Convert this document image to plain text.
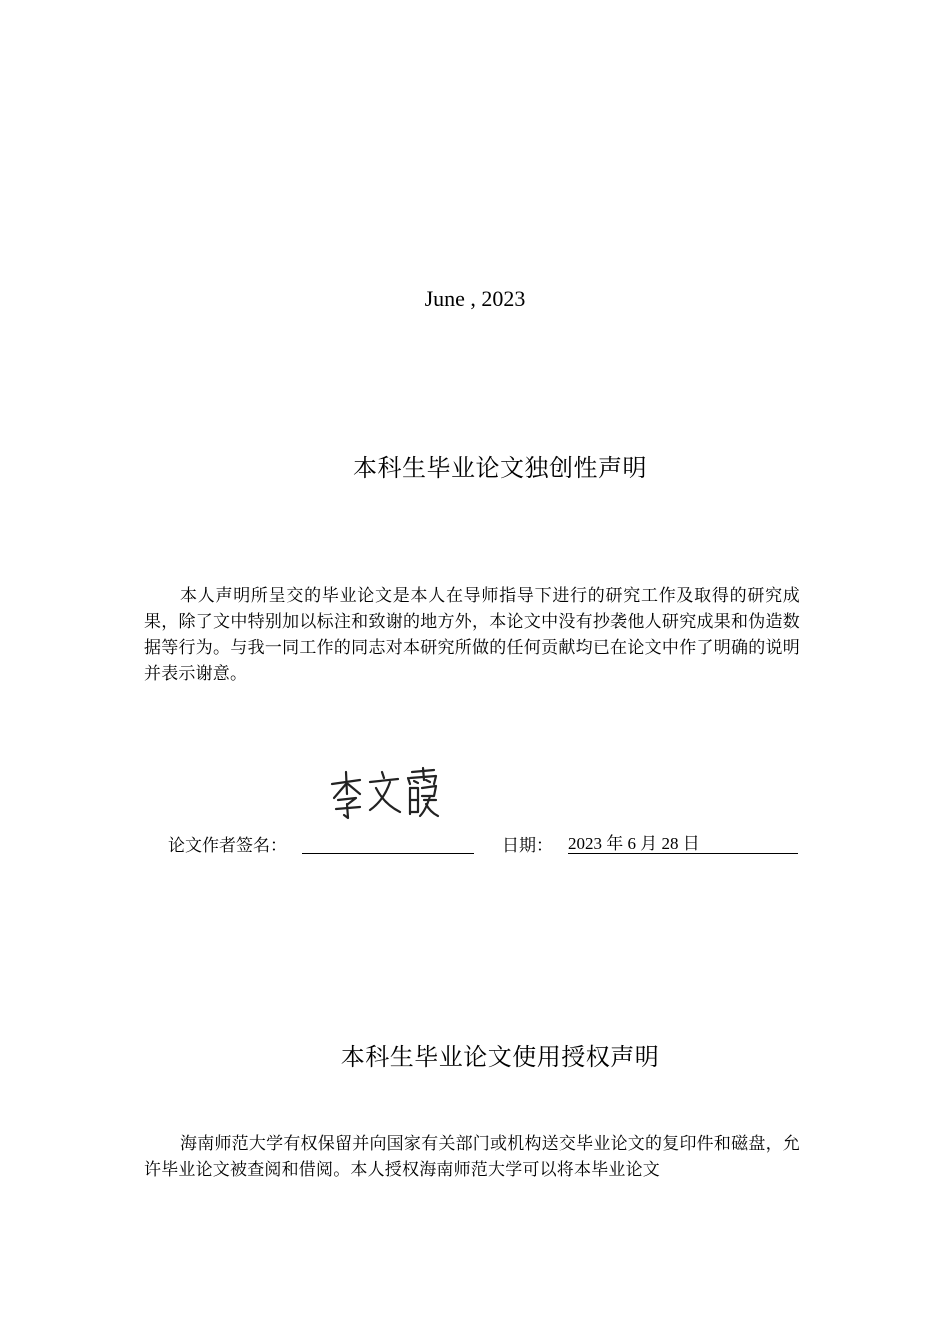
June , 2023
本科生毕业论文独创性声明
本人声明所呈交的毕业论文是本人在导师指导下进行的研究工作及取得的研究成果，除了文中特别加以标注和致谢的地方外，本论文中没有抄袭他人研究成果和伪造数据等行为。与我一同工作的同志对本研究所做的任何贡献均已在论文中作了明确的说明并表示谢意。
论文作者签名：	日期： 2023 年 6 月 28 日
本科生毕业论文使用授权声明
海南师范大学有权保留并向国家有关部门或机构送交毕业论文的复印件和磁盘，允许毕业论文被查阅和借阅。本人授权海南师范大学可以将本毕业论文
